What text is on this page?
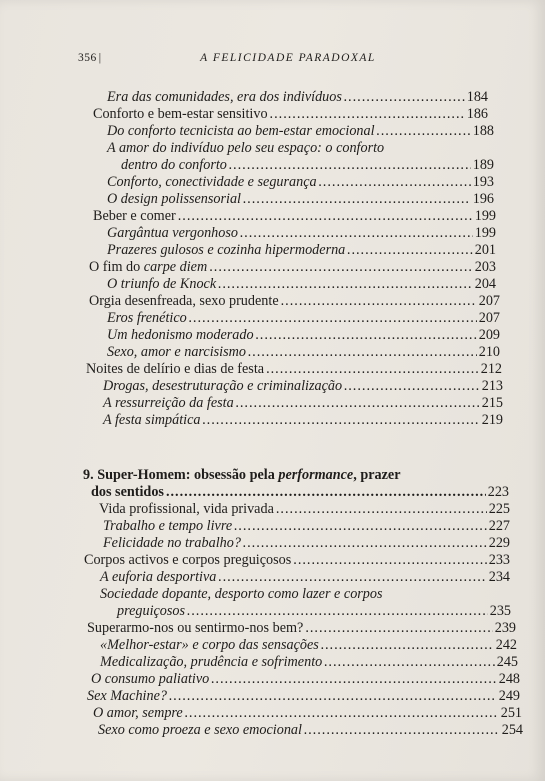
356 |	A FELICIDADE PARADOXAL
Era das comunidades, era dos indivíduos .....	184
Conforto e bem-estar sensitivo .....	186
Do conforto tecnicista ao bem-estar emocional .....	188
A amor do indivíduo pelo seu espaço: o conforto
dentro do conforto .....	189
Conforto, conectividade e segurança .....	193
O design polissensorial .....	196
Beber e comer .....	199
Gargântua vergonhoso .....	199
Prazeres gulosos e cozinha hipermoderna .....	201
O fim do carpe diem .....	203
O triunfo de Knock .....	204
Orgia desenfreada, sexo prudente .....	207
Eros frenético .....	207
Um hedonismo moderado .....	209
Sexo, amor e narcisismo .....	210
Noites de delírio e dias de festa .....	212
Drogas, desestruturação e criminalização .....	213
A ressurreição da festa .....	215
A festa simpática .....	219
9. Super-Homem: obsessão pela performance, prazer
dos sentidos .....	223
Vida profissional, vida privada .....	225
Trabalho e tempo livre .....	227
Felicidade no trabalho? .....	229
Corpos activos e corpos preguiçosos .....	233
A euforia desportiva .....	234
Sociedade dopante, desporto como lazer e corpos
preguiçosos .....	235
Superarmo-nos ou sentirmo-nos bem? .....	239
«Melhor-estar» e corpo das sensações .....	242
Medicalização, prudência e sofrimento .....	245
O consumo paliativo .....	248
Sex Machine? .....	249
O amor, sempre .....	251
Sexo como proeza e sexo emocional .....	254
